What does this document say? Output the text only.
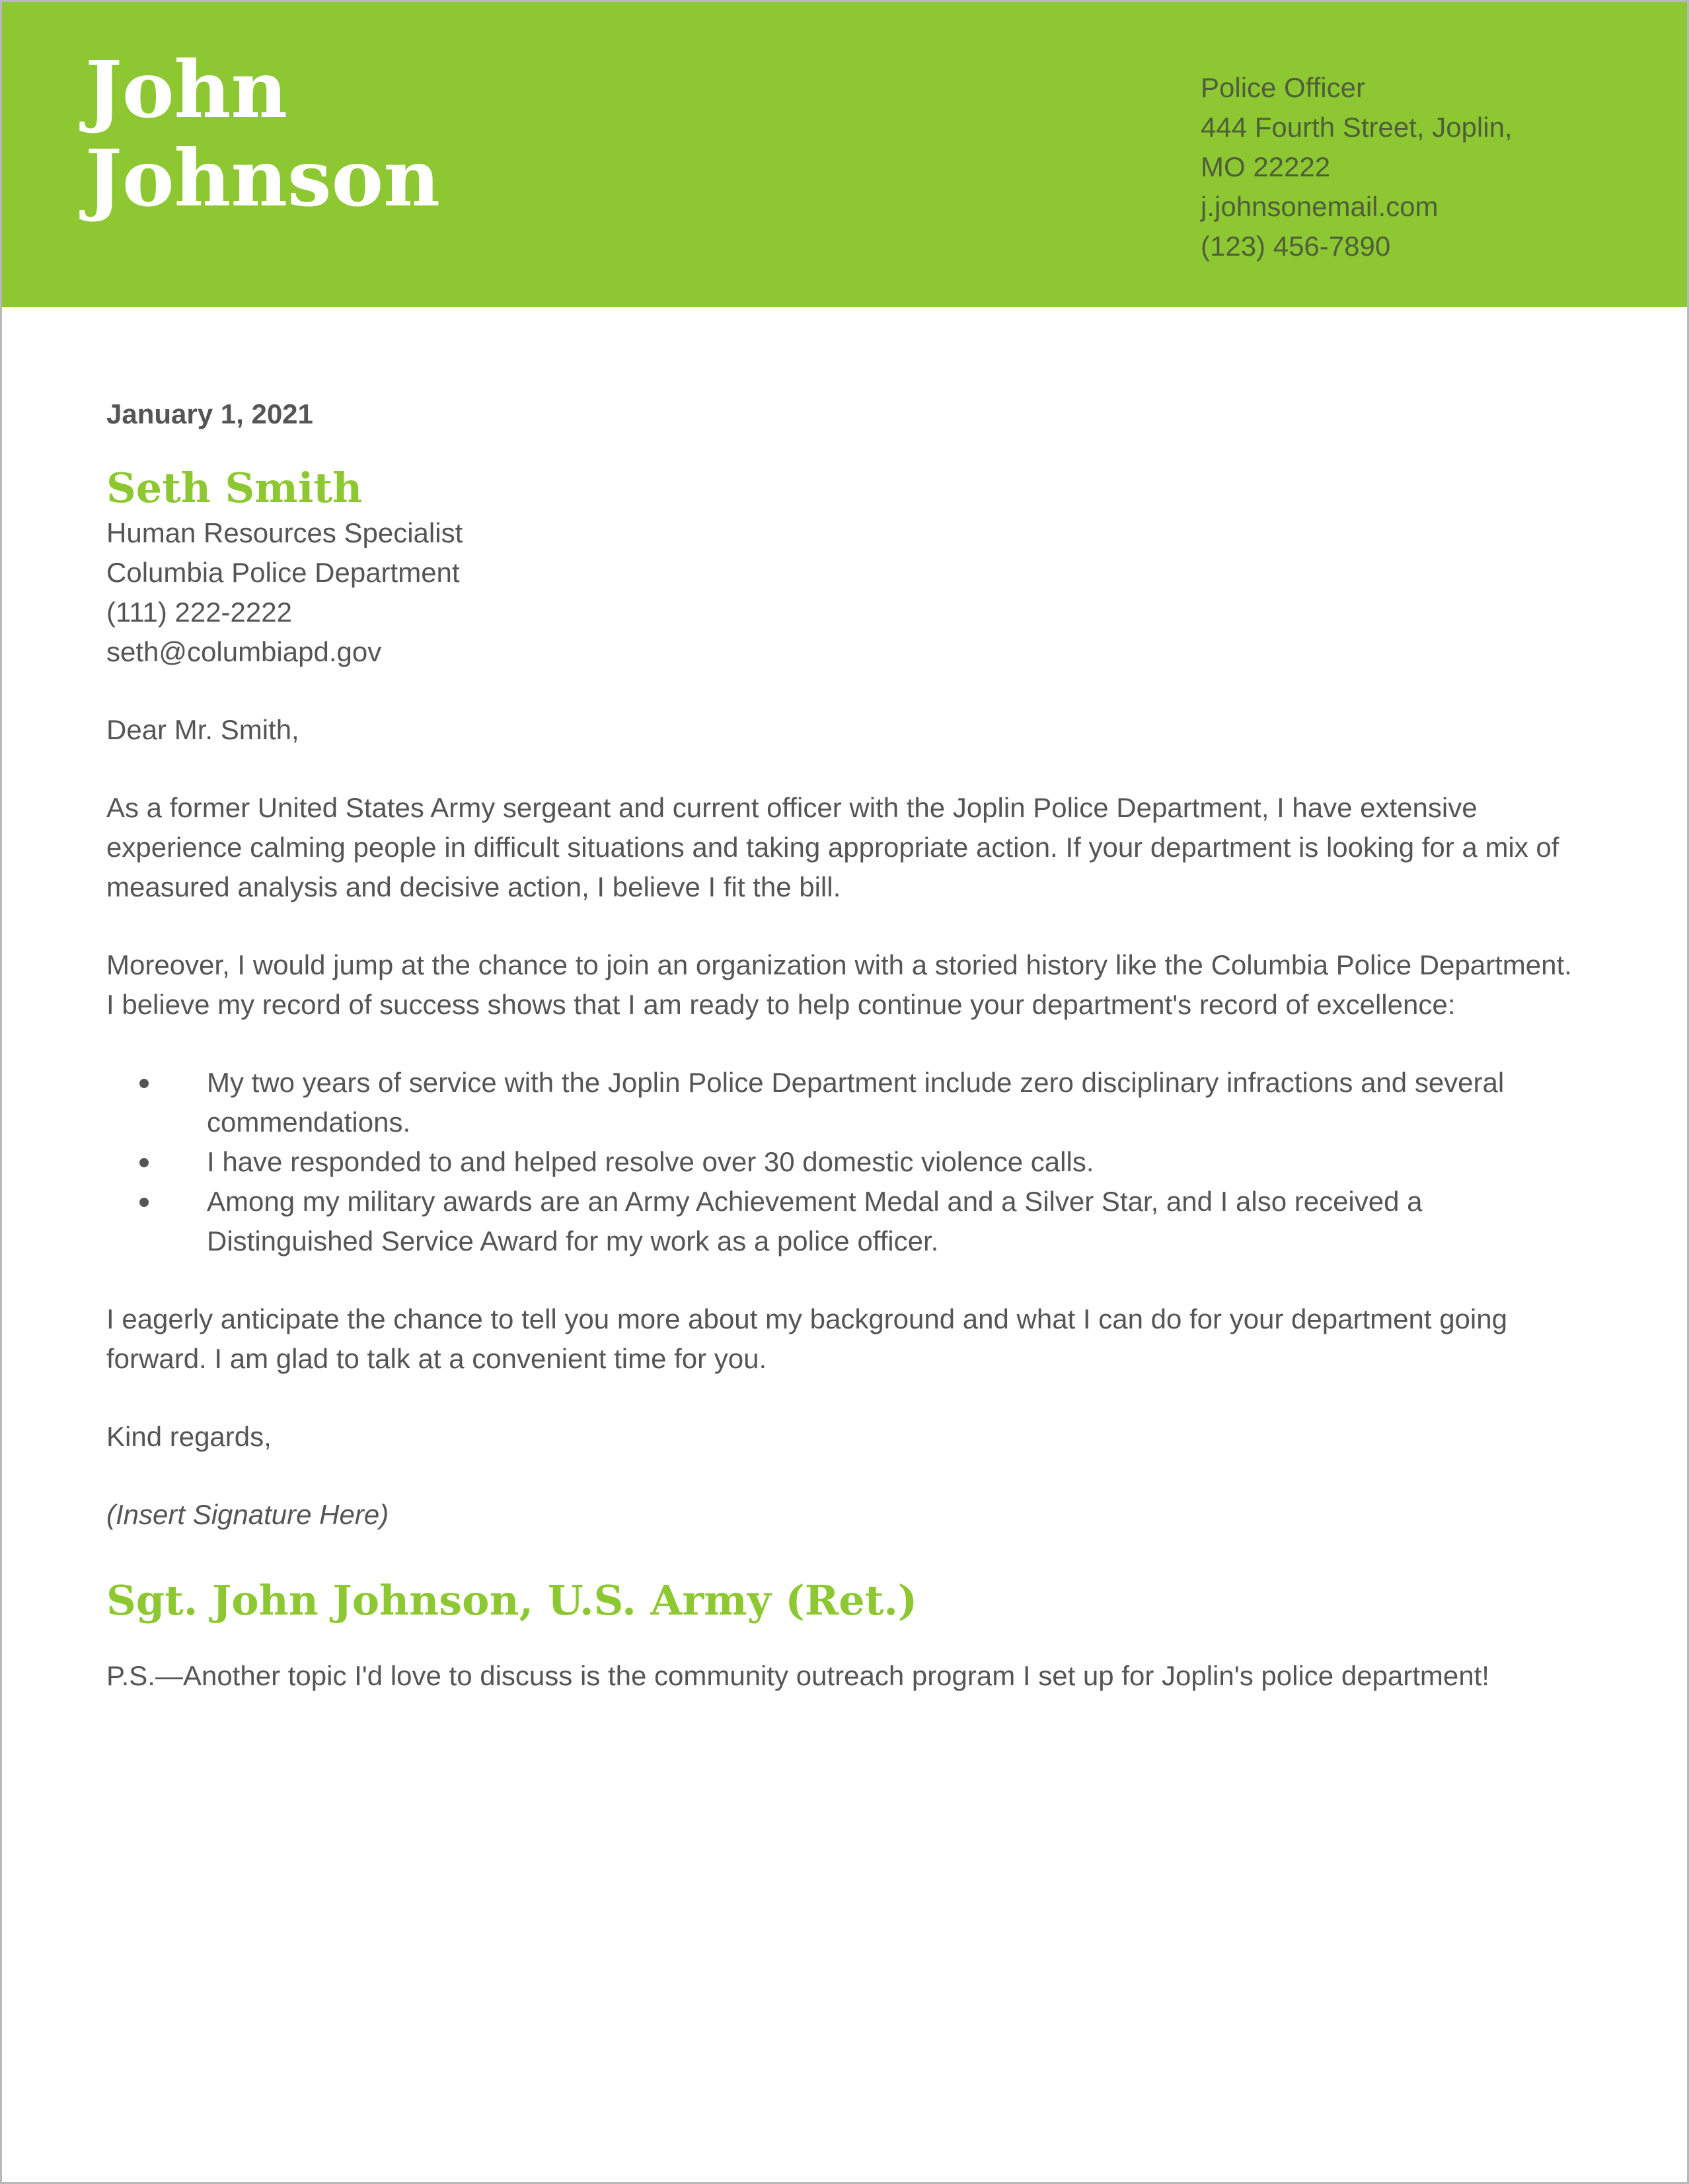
John
Johnson
Police Officer
444 Fourth Street, Joplin,
MO 22222
j.johnsonemail.com
(123) 456-7890

January 1, 2021

Seth Smith
Human Resources Specialist
Columbia Police Department
(111) 222-2222
seth@columbiapd.gov

Dear Mr. Smith,

As a former United States Army sergeant and current officer with the Joplin Police Department, I have extensive experience calming people in difficult situations and taking appropriate action. If your department is looking for a mix of measured analysis and decisive action, I believe I fit the bill.

Moreover, I would jump at the chance to join an organization with a storied history like the Columbia Police Department. I believe my record of success shows that I am ready to help continue your department's record of excellence:

My two years of service with the Joplin Police Department include zero disciplinary infractions and several commendations.
I have responded to and helped resolve over 30 domestic violence calls.
Among my military awards are an Army Achievement Medal and a Silver Star, and I also received a Distinguished Service Award for my work as a police officer.

I eagerly anticipate the chance to tell you more about my background and what I can do for your department going forward. I am glad to talk at a convenient time for you.

Kind regards,

(Insert Signature Here)

Sgt. John Johnson, U.S. Army (Ret.)

P.S.—Another topic I'd love to discuss is the community outreach program I set up for Joplin's police department!
